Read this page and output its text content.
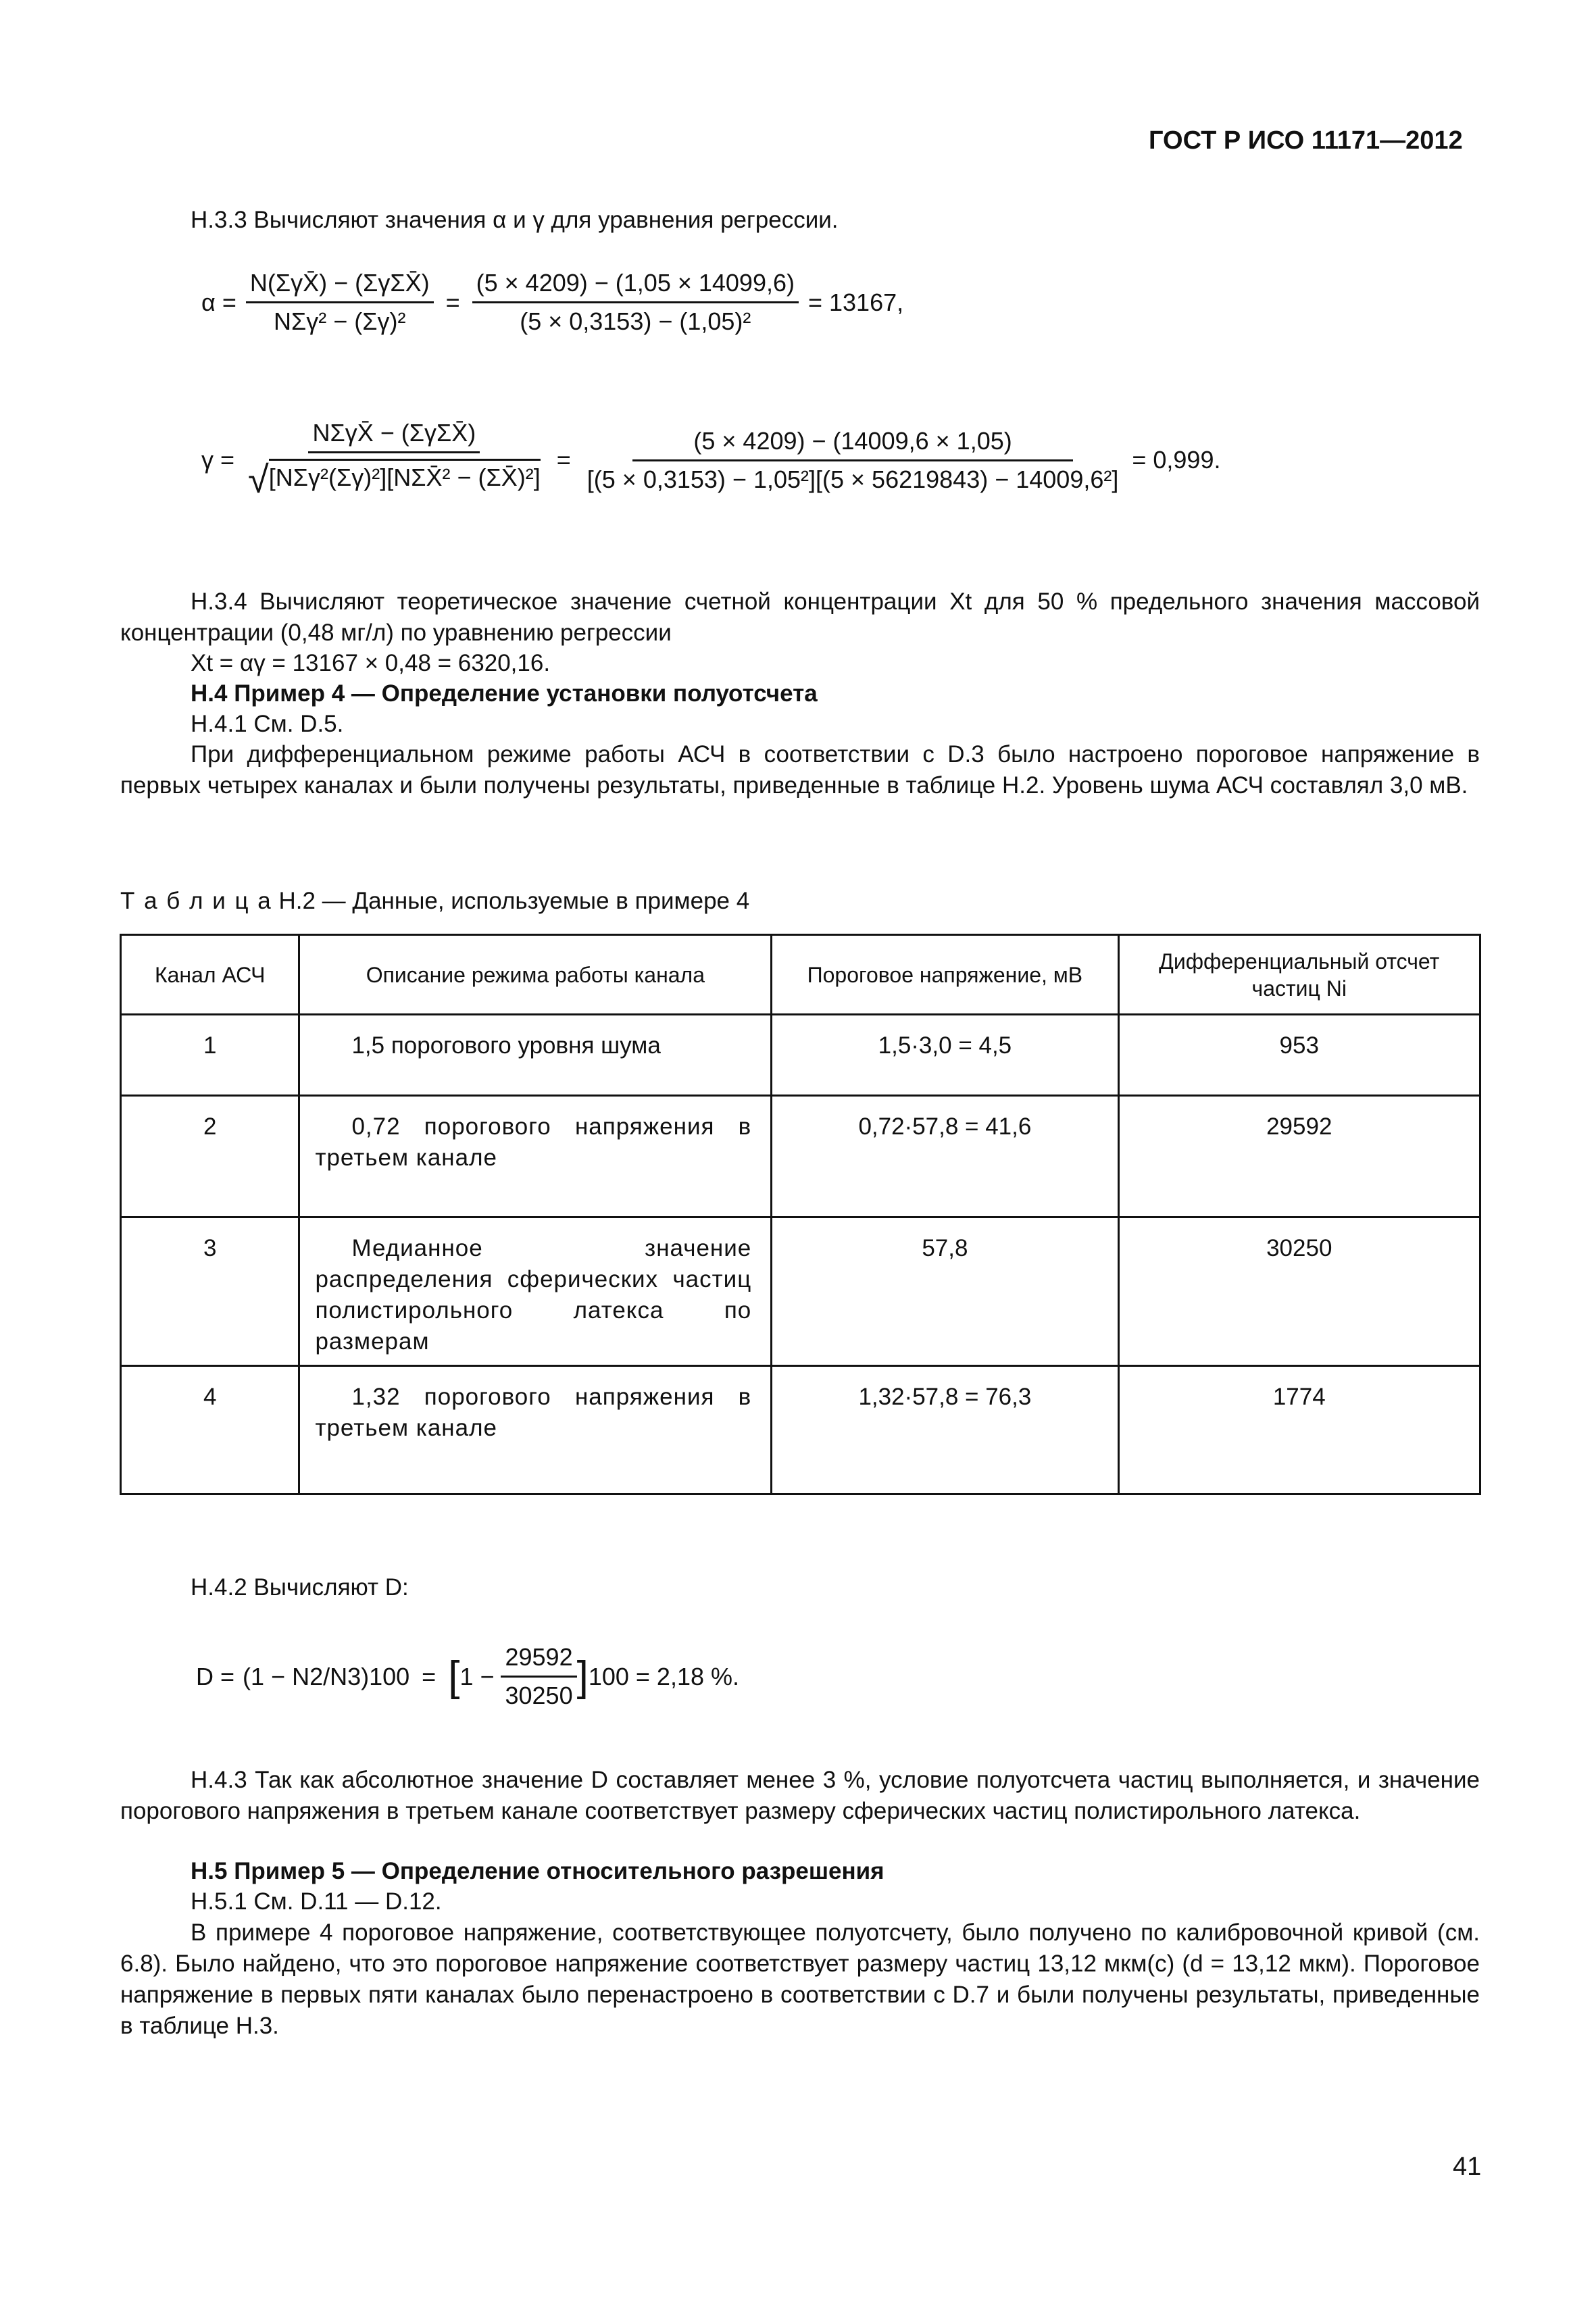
ГОСТ Р ИСО 11171—2012
Н.3.3 Вычисляют значения α и γ для уравнения регрессии.
$\alpha = \frac{\text{N(ΣγX̄) − (ΣγΣX̄)}}{\text{NΣγ² − (Σγ)²}} = \frac{(5 \times 4209) - (1,05 \times 14099,6)}{\text{(5 × 0,3153) − (1,05)²}} = 13167$,
$\gamma = \frac{\text{NΣγX̄ − (ΣγΣX̄)}}{\text{√[NΣγ²(Σγ)²][NΣX̄² − (ΣX̄)²]}} = \frac{(5 \times 4209) - (14009,6 \times 1,05)}{\text{[(5 × 0,3153) − 1,05²][(5 × 56219843) − 14009,6²]}} = 0,999$.
Н.3.4 Вычисляют теоретическое значение счетной концентрации Xt для 50 % предельного значения массовой концентрации (0,48 мг/л) по уравнению регрессии
Xt = αγ = 13167 × 0,48 = 6320,16.
Н.4 Пример 4 — Определение установки полуотсчета
Н.4.1 См. D.5.
При дифференциальном режиме работы АСЧ в соответствии с D.3 было настроено пороговое напряжение в первых четырех каналах и были получены результаты, приведенные в таблице Н.2. Уровень шума АСЧ составлял 3,0 мВ.
Т а б л и ц а Н.2 — Данные, используемые в примере 4
Канал АСЧ	Описание режима работы канала	Пороговое напряжение, мВ	Дифференциальный отсчет частиц Ni
1	1,5 порогового уровня шума	1,5·3,0 = 4,5	953
2	0,72 порогового напряжения в третьем канале	0,72·57,8 = 41,6	29592
3	Медианное значение распределения сферических частиц полистирольного латекса по размерам	57,8	30250
4	1,32 порогового напряжения в третьем канале	1,32·57,8 = 76,3	1774
Н.4.2 Вычисляют D:
D = (1 − N2/N3)100 = [ $1 - \frac{29592}{30250}$ ] 100 = 2,18 %.
Н.4.3 Так как абсолютное значение D составляет менее 3 %, условие полуотсчета частиц выполняется, и значение порогового напряжения в третьем канале соответствует размеру сферических частиц полистирольного латекса.
Н.5 Пример 5 — Определение относительного разрешения
Н.5.1 См. D.11 — D.12.
В примере 4 пороговое напряжение, соответствующее полуотсчету, было получено по калибровочной кривой (см. 6.8). Было найдено, что это пороговое напряжение соответствует размеру частиц 13,12 мкм(с) (d = 13,12 мкм). Пороговое напряжение в первых пяти каналах было перенастроено в соответствии с D.7 и были получены результаты, приведенные в таблице Н.3.
41
